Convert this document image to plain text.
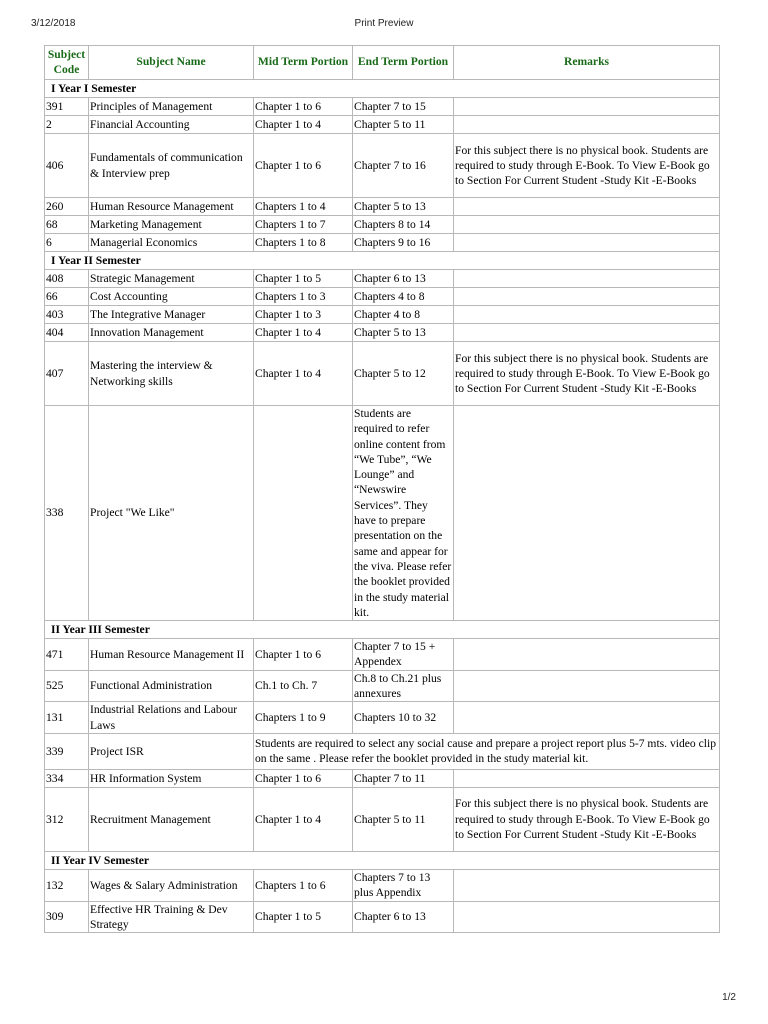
3/12/2018	Print Preview
Subject Code	Subject Name	Mid Term Portion	End Term Portion	Remarks
I Year I Semester				
391	Principles of Management	Chapter 1 to 6	Chapter 7 to 15	
2	Financial Accounting	Chapter 1 to 4	Chapter 5 to 11	
406	Fundamentals of communication & Interview prep	Chapter 1 to 6	Chapter 7 to 16	For this subject there is no physical book. Students are required to study through E-Book. To View E-Book go to Section For Current Student -Study Kit -E-Books
260	Human Resource Management	Chapters 1 to 4	Chapter 5 to 13	
68	Marketing Management	Chapters 1 to 7	Chapters 8 to 14	
6	Managerial Economics	Chapters 1 to 8	Chapters 9 to 16	
I Year II Semester				
408	Strategic Management	Chapter 1 to 5	Chapter 6 to 13	
66	Cost Accounting	Chapters 1 to 3	Chapters 4 to 8	
403	The Integrative Manager	Chapter 1 to 3	Chapter 4 to 8	
404	Innovation Management	Chapter 1 to 4	Chapter 5 to 13	
407	Mastering the interview & Networking skills	Chapter 1 to 4	Chapter 5 to 12	For this subject there is no physical book. Students are required to study through E-Book. To View E-Book go to Section For Current Student -Study Kit -E-Books
338	Project "We Like"		Students are required to refer online content from “We Tube”, “We Lounge” and “Newswire Services”. They have to prepare presentation on the same and appear for the viva. Please refer the booklet provided in the study material kit.	
II Year III Semester				
471	Human Resource Management II	Chapter 1 to 6	Chapter 7 to 15 + Appendex	
525	Functional Administration	Ch.1 to Ch. 7	Ch.8 to Ch.21 plus annexures	
131	Industrial Relations and Labour Laws	Chapters 1 to 9	Chapters 10 to 32	
339	Project ISR	Students are required to select any social cause and prepare a project report plus 5-7 mts. video clip on the same . Please refer the booklet provided in the study material kit.		
334	HR Information System	Chapter 1 to 6	Chapter 7 to 11	
312	Recruitment Management	Chapter 1 to 4	Chapter 5 to 11	For this subject there is no physical book. Students are required to study through E-Book. To View E-Book go to Section For Current Student -Study Kit -E-Books
II Year IV Semester				
132	Wages & Salary Administration	Chapters 1 to 6	Chapters 7 to 13 plus Appendix	
309	Effective HR Training & Dev Strategy	Chapter 1 to 5	Chapter 6 to 13	
1/2
